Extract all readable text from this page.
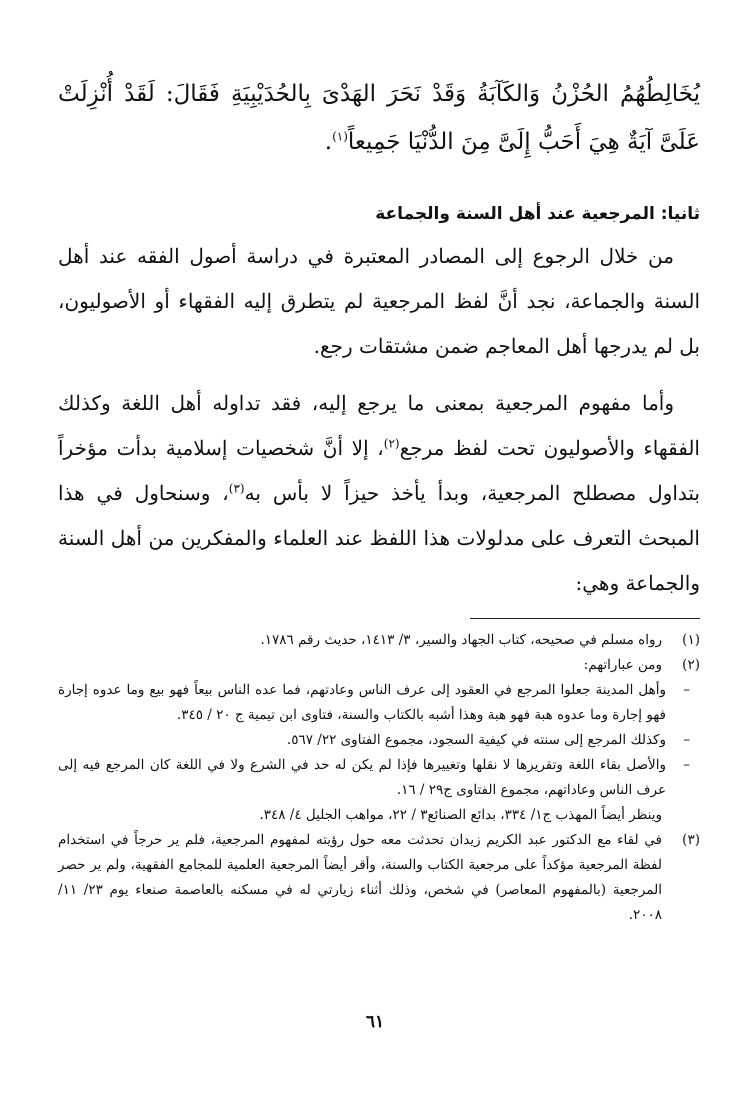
يُخَالِطُهُمُ الحُزْنُ وَالكَآبَةُ وَقَدْ نَحَرَ الهَدْىَ بِالحُدَيْبِيَةِ فَقَالَ: لَقَدْ أُنْزِلَتْ عَلَىَّ آيَةٌ هِيَ أَحَبُّ إِلَىَّ مِنَ الدُّنْيَا جَمِيعاً$^{(١)}$.

ثانيا: المرجعية عند أهل السنة والجماعة

من خلال الرجوع إلى المصادر المعتبرة في دراسة أصول الفقه عند أهل السنة والجماعة، نجد أنَّ لفظ المرجعية لم يتطرق إليه الفقهاء أو الأصوليون، بل لم يدرجها أهل المعاجم ضمن مشتقات رجع.

وأما مفهوم المرجعية بمعنى ما يرجع إليه، فقد تداوله أهل اللغة وكذلك الفقهاء والأصوليون تحت لفظ مرجع$^{(٢)}$، إلا أنَّ شخصيات إسلامية بدأت مؤخراً بتداول مصطلح المرجعية، وبدأ يأخذ حيزاً لا بأس به$^{(٣)}$، وسنحاول في هذا المبحث التعرف على مدلولات هذا اللفظ عند العلماء والمفكرين من أهل السنة والجماعة وهي:

(١)
رواه مسلم في صحيحه، كتاب الجهاد والسير، ٣/ ١٤١٣، حديث رقم ١٧٨٦.
(٢)
ومن عباراتهم:
–
وأهل المدينة جعلوا المرجع في العقود إلى عرف الناس وعادتهم، فما عده الناس بيعاً فهو بيع وما عدوه إجارة فهو إجارة وما عدوه هبة فهو هبة وهذا أشبه بالكتاب والسنة، فتاوى ابن تيمية ج ٢٠ / ٣٤٥.
–
وكذلك المرجع إلى سنته في كيفية السجود، مجموع الفتاوى ٢٢/ ٥٦٧.
–
والأصل بقاء اللغة وتقريرها لا نقلها وتغييرها فإذا لم يكن له حد في الشرع ولا في اللغة كان المرجع فيه إلى عرف الناس وعاداتهم، مجموع الفتاوى ج٢٩ / ١٦.
وينظر أيضاً المهذب ج١/ ٣٣٤، بدائع الصنائع٣ / ٢٢، مواهب الجليل ٤/ ٣٤٨.
(٣)
في لقاء مع الدكتور عبد الكريم زيدان تحدثت معه حول رؤيته لمفهوم المرجعية، فلم ير حرجاً في استخدام لفظة المرجعية مؤكداً على مرجعية الكتاب والسنة، وأقر أيضاً المرجعية العلمية للمجامع الفقهية، ولم ير حصر المرجعية (بالمفهوم المعاصر) في شخص، وذلك أثناء زيارتي له في مسكنه بالعاصمة صنعاء يوم ٢٣/ ١١/ ٢٠٠٨.
٦١
